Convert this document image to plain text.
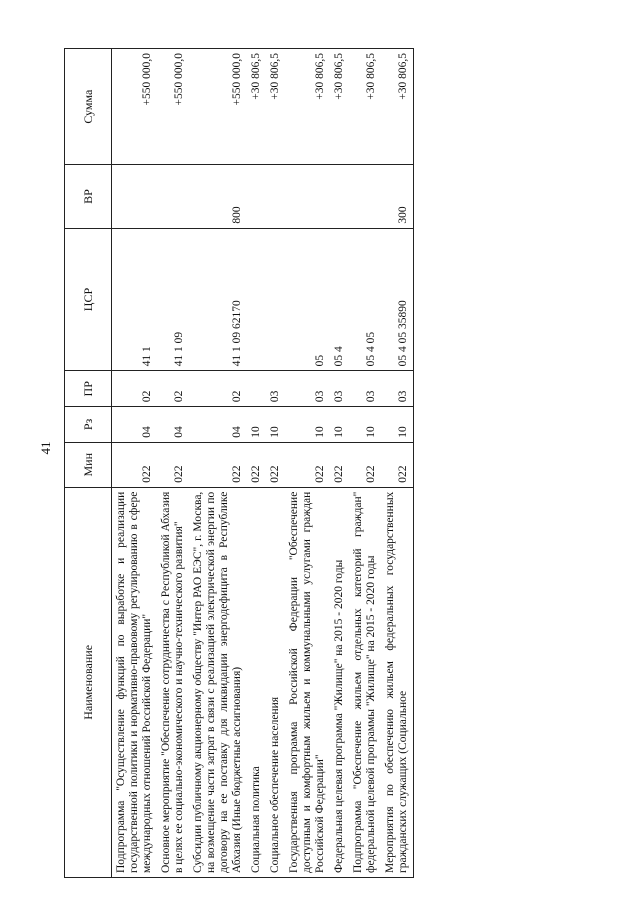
41
Наименование	Мин	Рз	ПР	ЦСР	ВР	Сумма
Подпрограмма "Осуществление функций по выработке и реализации государственной политики и нормативно-правовому регулированию в сфере международных отношений Российской Федерации"	022	04	02	41 1		+550 000,0
Основное мероприятие "Обеспечение сотрудничества с Республикой Абхазия в целях ее социально-экономического и научно-технического развития"	022	04	02	41 1 09		+550 000,0
Субсидии публичному акционерному обществу "Интер РАО ЕЭС", г. Москва, на возмещение части затрат в связи с реализацией электрической энергии по договору на ее поставку для ликвидации энергодефицита в Республике Абхазия (Иные бюджетные ассигнования)	022	04	02	41 1 09 62170	800	+550 000,0
Социальная политика	022	10				+30 806,5
Социальное обеспечение населения	022	10	03			+30 806,5
Государственная программа Российской Федерации "Обеспечение доступным и комфортным жильем и коммунальными услугами граждан Российской Федерации"	022	10	03	05		+30 806,5
Федеральная целевая программа "Жилище" на 2015 - 2020 годы	022	10	03	05 4		+30 806,5
Подпрограмма "Обеспечение жильем отдельных категорий граждан" федеральной целевой программы "Жилище" на 2015 - 2020 годы	022	10	03	05 4 05		+30 806,5
Мероприятия по обеспечению жильем федеральных государственных гражданских служащих (Социальное	022	10	03	05 4 05 35890	300	+30 806,5
